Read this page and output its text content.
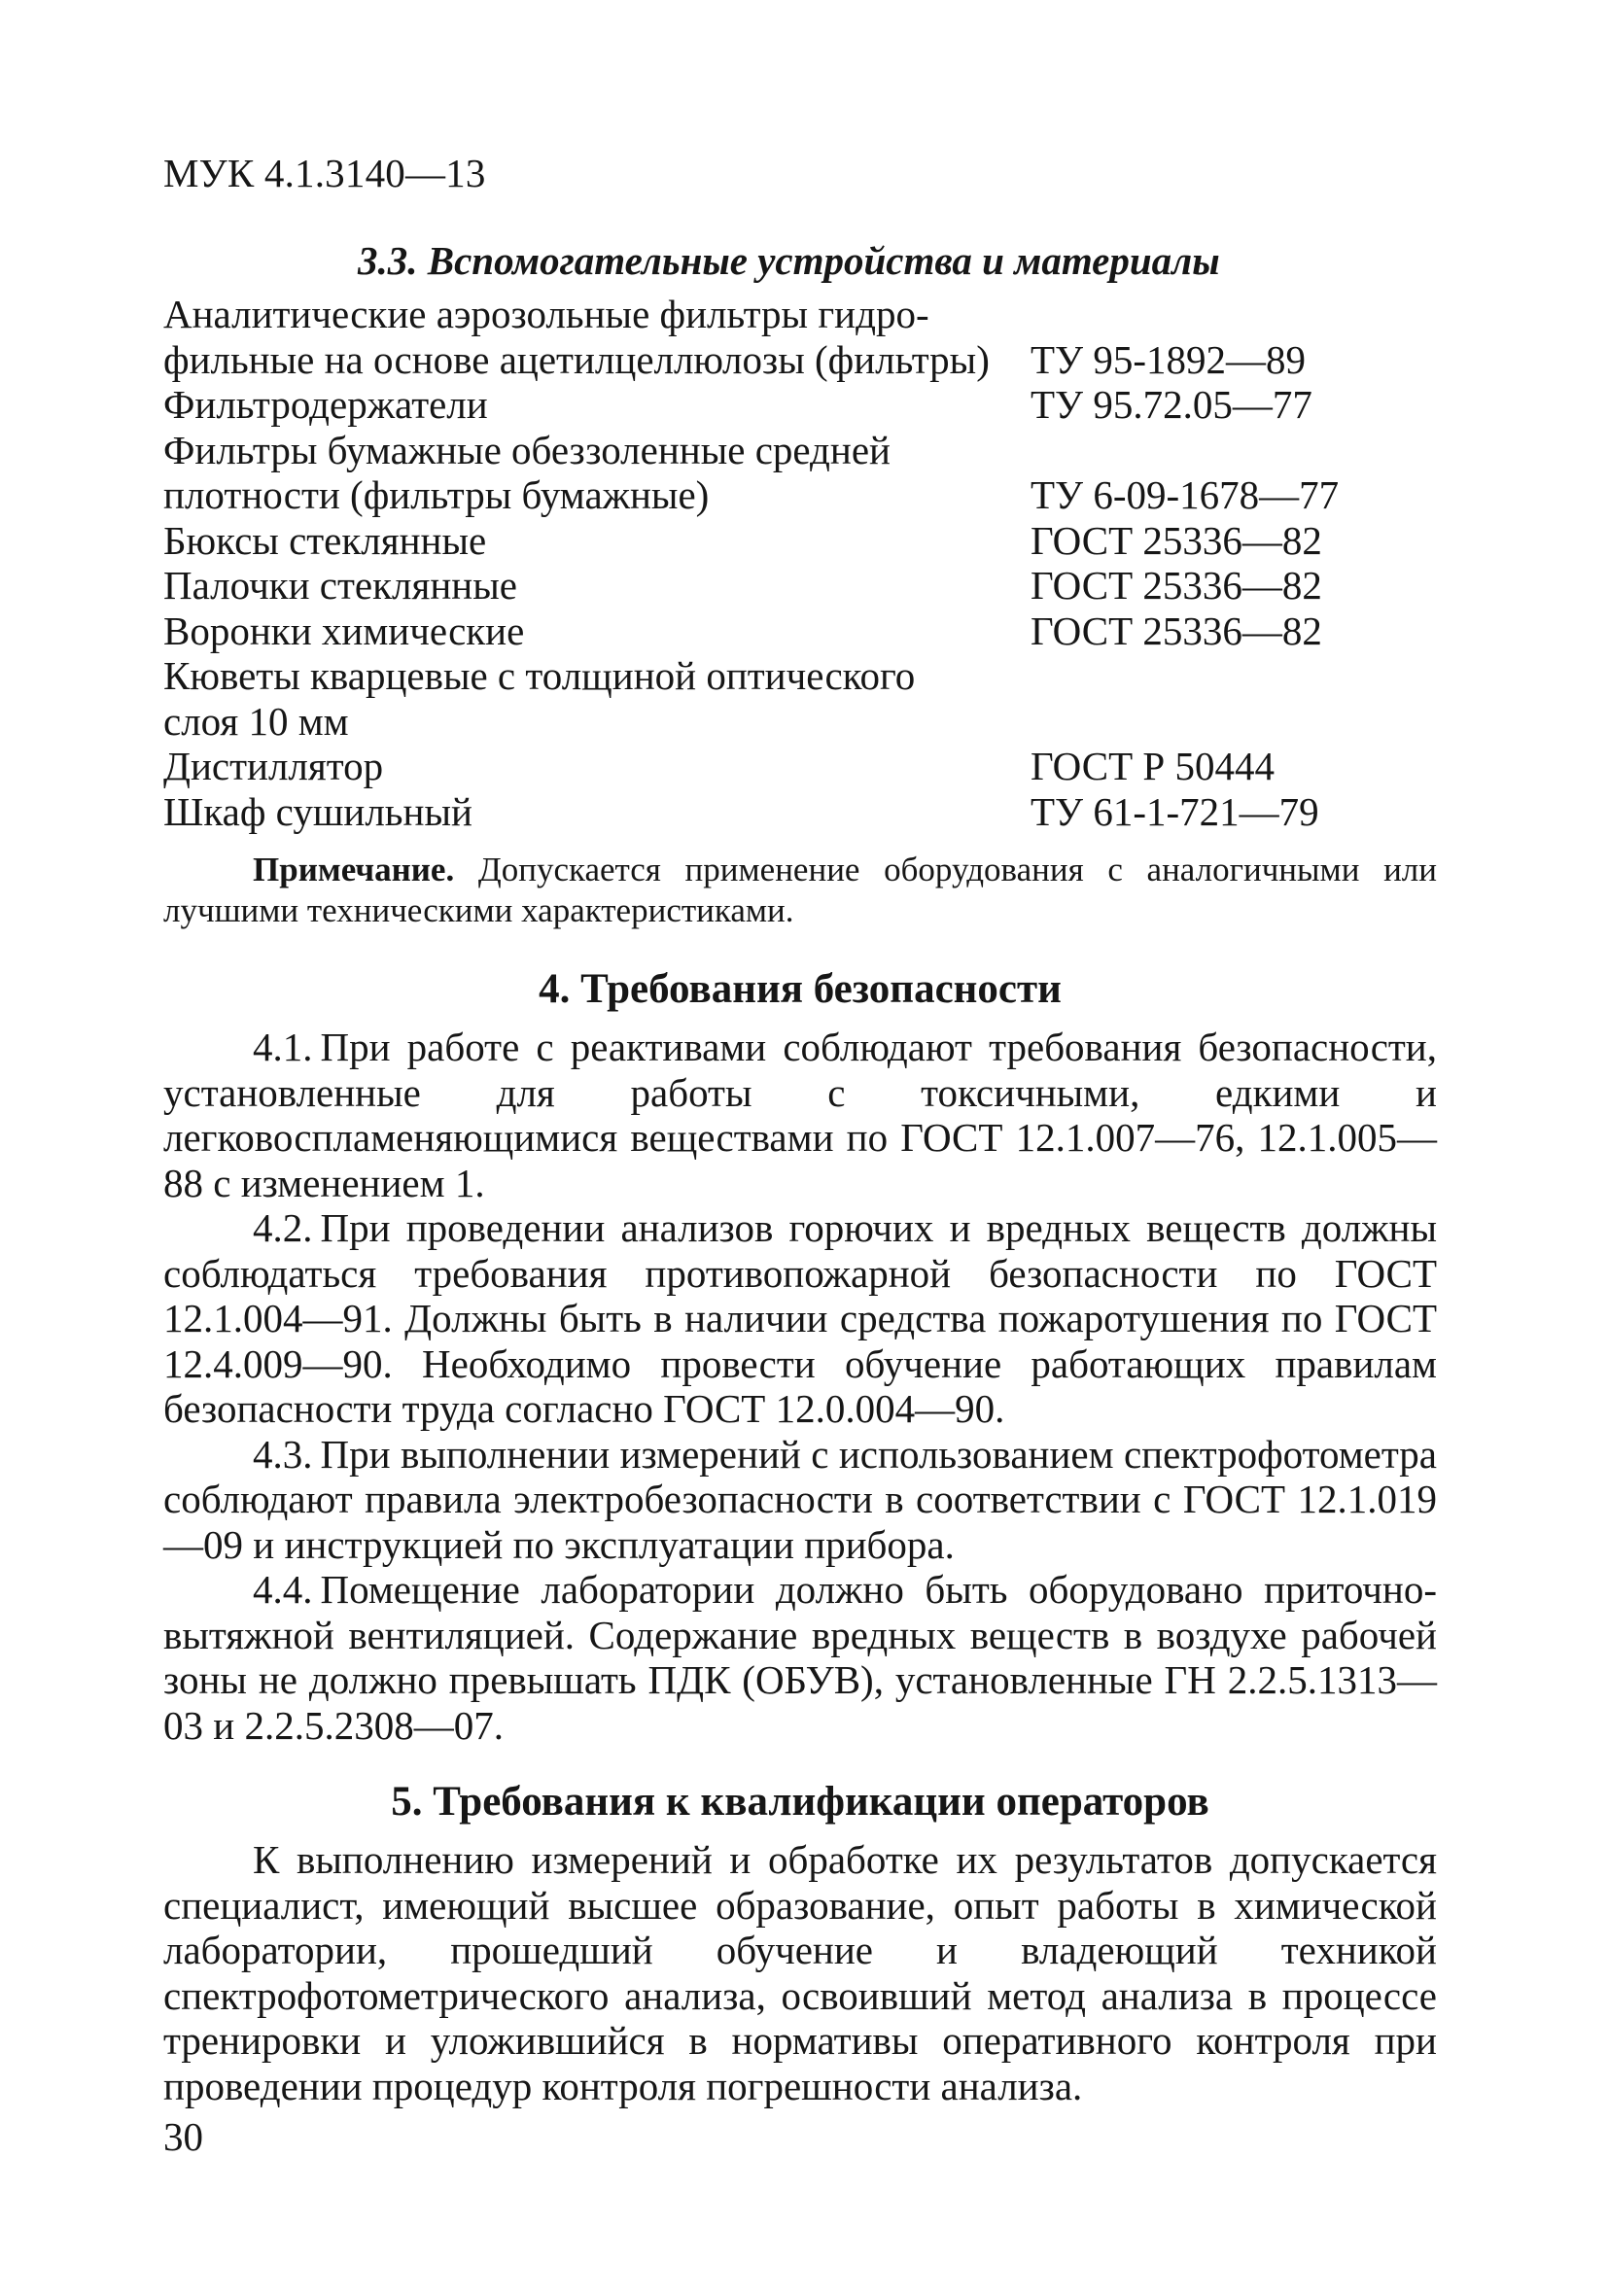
МУК 4.1.3140—13
3.3. Вспомогательные устройства и материалы
Аналитические аэрозольные фильтры гидро-
фильные на основе ацетилцеллюлозы (фильтры)	ТУ 95-1892—89
Фильтродержатели	ТУ 95.72.05—77
Фильтры бумажные обеззоленные средней
плотности (фильтры бумажные)	ТУ 6-09-1678—77
Бюксы стеклянные	ГОСТ 25336—82
Палочки стеклянные	ГОСТ 25336—82
Воронки химические	ГОСТ 25336—82
Кюветы кварцевые с толщиной оптического
слоя 10 мм
Дистиллятор	ГОСТ Р 50444
Шкаф сушильный	ТУ 61-1-721—79
Примечание. Допускается применение оборудования с аналогичными или лучшими техническими характеристиками.
4. Требования безопасности

4.1. При работе с реактивами соблюдают требования безопасности, установленные для работы с токсичными, едкими и легковоспламеняющимися веществами по ГОСТ 12.1.007—76, 12.1.005—88 с изменением 1.

4.2. При проведении анализов горючих и вредных веществ должны соблюдаться требования противопожарной безопасности по ГОСТ 12.1.004—91. Должны быть в наличии средства пожаротушения по ГОСТ 12.4.009—90. Необходимо провести обучение работающих правилам безопасности труда согласно ГОСТ 12.0.004—90.

4.3. При выполнении измерений с использованием спектрофотометра соблюдают правила электробезопасности в соответствии с ГОСТ 12.1.019—09 и инструкцией по эксплуатации прибора.

4.4. Помещение лаборатории должно быть оборудовано приточно-вытяжной вентиляцией. Содержание вредных веществ в воздухе рабочей зоны не должно превышать ПДК (ОБУВ), установленные ГН 2.2.5.1313—03 и 2.2.5.2308—07.

5. Требования к квалификации операторов

К выполнению измерений и обработке их результатов допускается специалист, имеющий высшее образование, опыт работы в химической лаборатории, прошедший обучение и владеющий техникой спектрофотометрического анализа, освоивший метод анализа в процессе тренировки и уложившийся в нормативы оперативного контроля при проведении процедур контроля погрешности анализа.

30
